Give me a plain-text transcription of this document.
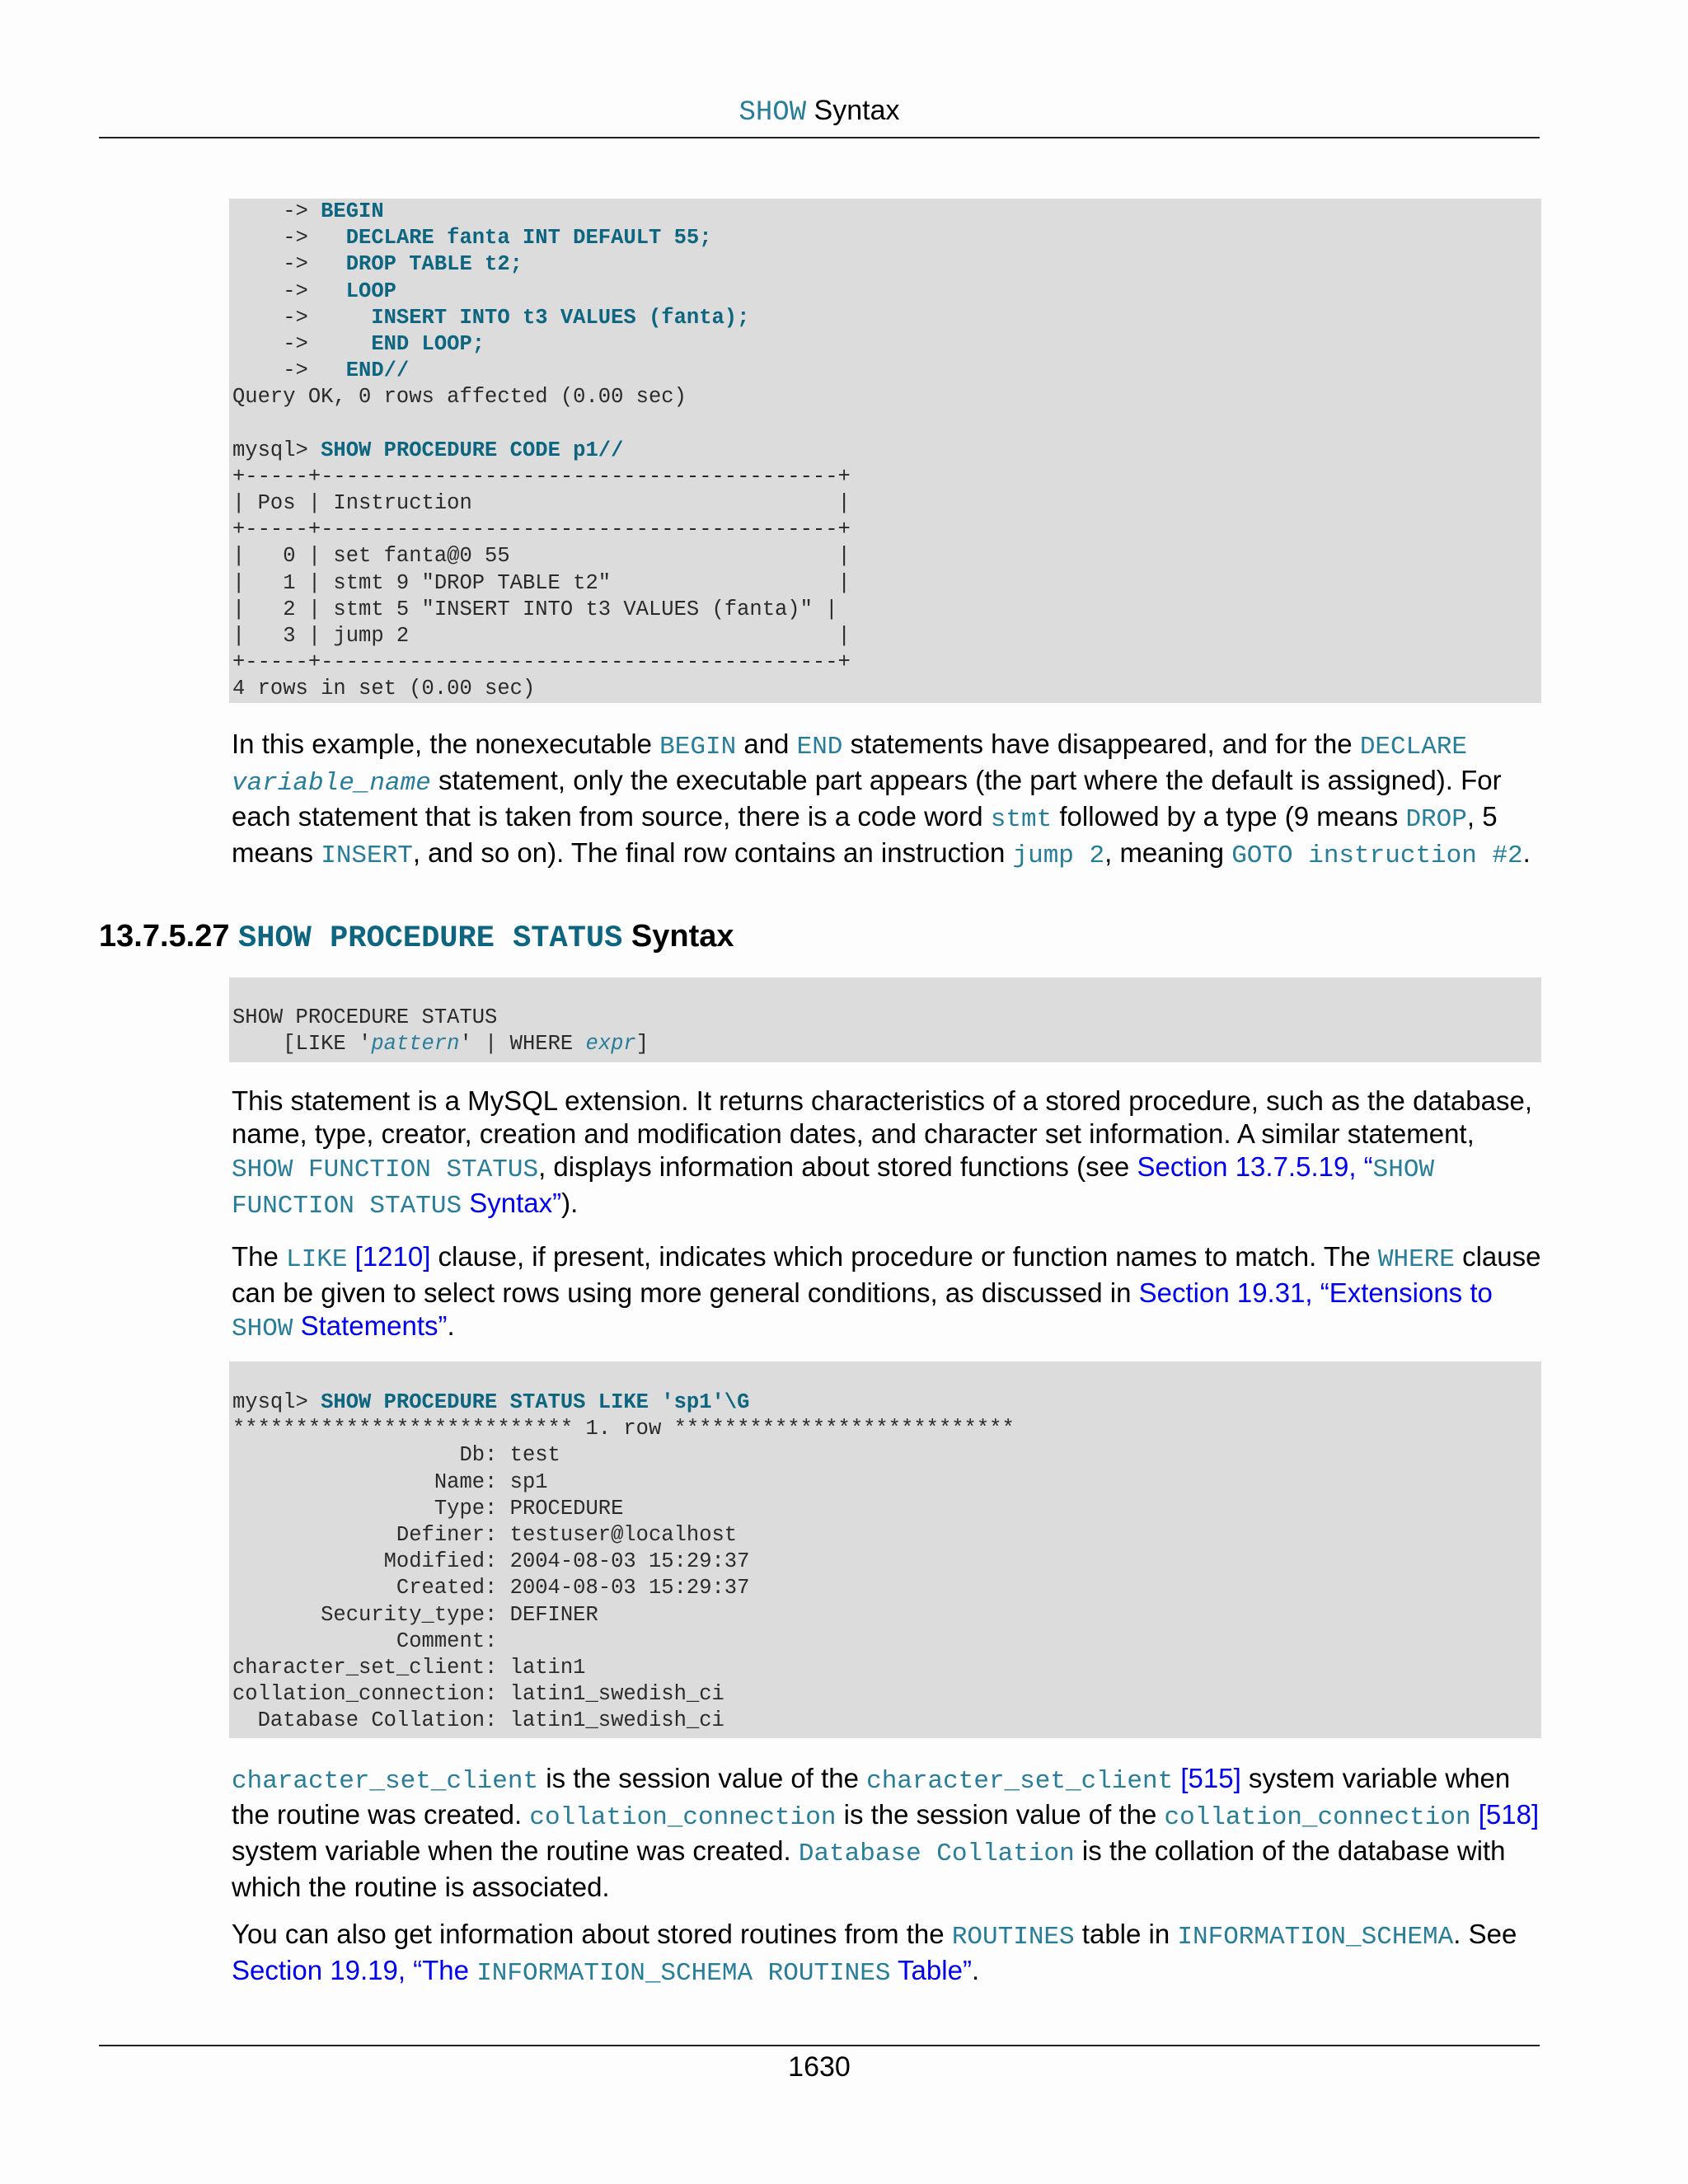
SHOW Syntax
-> BEGIN
->   DECLARE fanta INT DEFAULT 55;
->   DROP TABLE t2;
->   LOOP
->     INSERT INTO t3 VALUES (fanta);
->     END LOOP;
->   END//
Query OK, 0 rows affected (0.00 sec)
mysql> SHOW PROCEDURE CODE p1//
+-----+-----------------------------------------+
| Pos | Instruction                             |
+-----+-----------------------------------------+
|   0 | set fanta@0 55                          |
|   1 | stmt 9 "DROP TABLE t2"                  |
|   2 | stmt 5 "INSERT INTO t3 VALUES (fanta)" |
|   3 | jump 2                                  |
+-----+-----------------------------------------+
4 rows in set (0.00 sec)
In this example, the nonexecutable BEGIN and END statements have disappeared, and for the DECLARE variable_name statement, only the executable part appears (the part where the default is assigned). For each statement that is taken from source, there is a code word stmt followed by a type (9 means DROP, 5 means INSERT, and so on). The final row contains an instruction jump 2, meaning GOTO instruction #2.
13.7.5.27 SHOW PROCEDURE STATUS Syntax
SHOW PROCEDURE STATUS
[LIKE 'pattern' | WHERE expr]
This statement is a MySQL extension. It returns characteristics of a stored procedure, such as the database, name, type, creator, creation and modification dates, and character set information. A similar statement, SHOW FUNCTION STATUS, displays information about stored functions (see Section 13.7.5.19, “SHOW FUNCTION STATUS Syntax”).
The LIKE [1210] clause, if present, indicates which procedure or function names to match. The WHERE clause can be given to select rows using more general conditions, as discussed in Section 19.31, “Extensions to SHOW Statements”.
mysql> SHOW PROCEDURE STATUS LIKE 'sp1'\G
*************************** 1. row ***************************
Db: test
Name: sp1
Type: PROCEDURE
Definer: testuser@localhost
Modified: 2004-08-03 15:29:37
Created: 2004-08-03 15:29:37
Security_type: DEFINER
Comment:
character_set_client: latin1
collation_connection: latin1_swedish_ci
Database Collation: latin1_swedish_ci
character_set_client is the session value of the character_set_client [515] system variable when the routine was created. collation_connection is the session value of the collation_connection [518] system variable when the routine was created. Database Collation is the collation of the database with which the routine is associated.
You can also get information about stored routines from the ROUTINES table in INFORMATION_SCHEMA. See Section 19.19, “The INFORMATION_SCHEMA ROUTINES Table”.
1630
